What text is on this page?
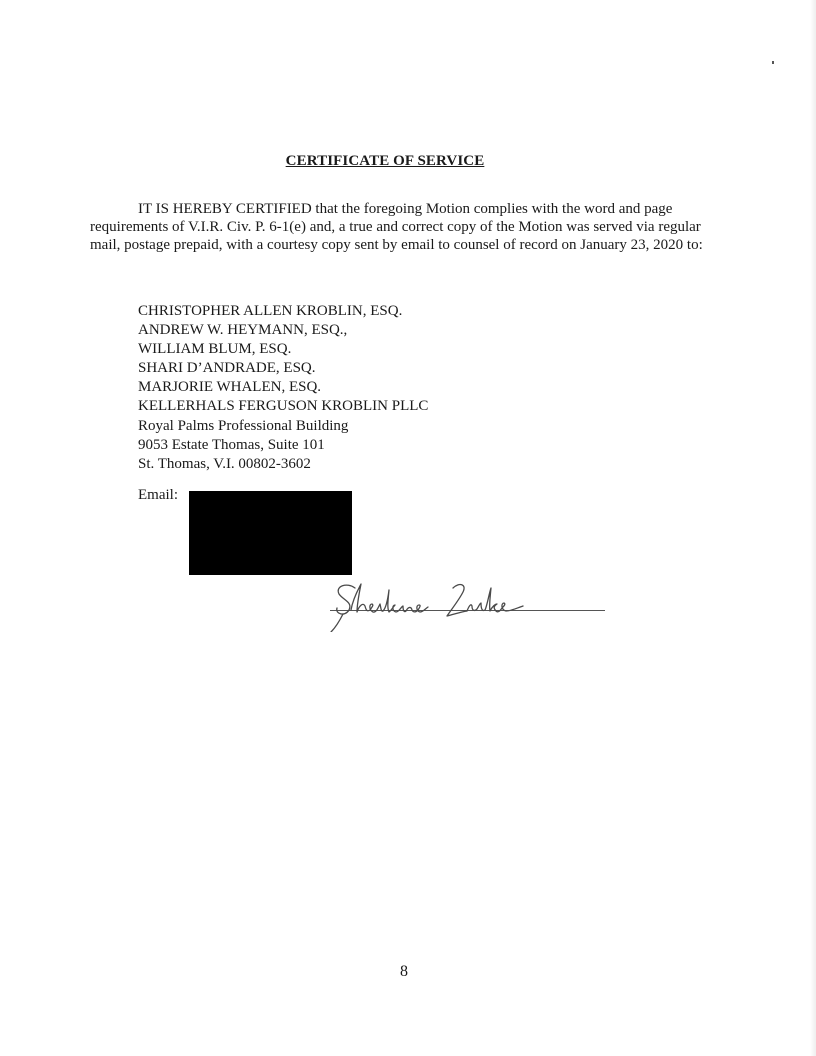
CERTIFICATE OF SERVICE

IT IS HEREBY CERTIFIED that the foregoing Motion complies with the word and page requirements of V.I.R. Civ. P. 6-1(e) and, a true and correct copy of the Motion was served via regular mail, postage prepaid, with a courtesy copy sent by email to counsel of record on January 23, 2020 to:

CHRISTOPHER ALLEN KROBLIN, ESQ.
ANDREW W. HEYMANN, ESQ.,
WILLIAM BLUM, ESQ.
SHARI D’ANDRADE, ESQ.
MARJORIE WHALEN, ESQ.
KELLERHALS FERGUSON KROBLIN PLLC
Royal Palms Professional Building
9053 Estate Thomas, Suite 101
St. Thomas, V.I. 00802-3602
Email:
8
